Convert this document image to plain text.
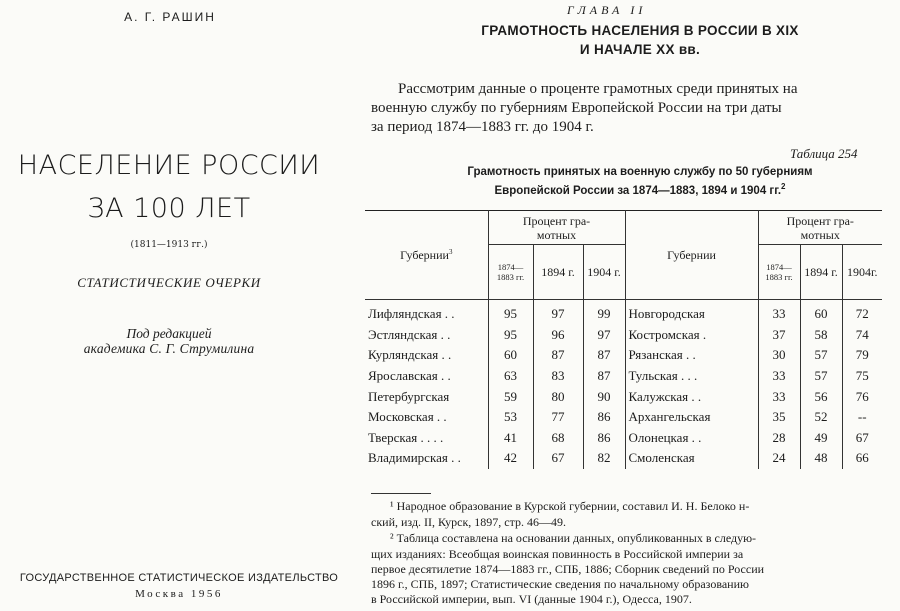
А. Г. РАШИН
НАСЕЛЕНИЕ РОССИИ
ЗА 100 ЛЕТ
(1811—1913 гг.)
СТАТИСТИЧЕСКИЕ ОЧЕРКИ
Под редакцией
академика С. Г. Струмилина
ГОСУДАРСТВЕННОЕ СТАТИСТИЧЕСКОЕ ИЗДАТЕЛЬСТВО
Москва 1956
ГЛАВА II
ГРАМОТНОСТЬ НАСЕЛЕНИЯ В РОССИИ В XIX
И НАЧАЛЕ XX вв.
Рассмотрим данные о проценте грамотных среди принятых на
военную службу по губерниям Европейской России на три даты
за период 1874—1883 гг. до 1904 г.
Таблица 254
Грамотность принятых на военную службу по 50 губерниям
Европейской России за 1874—1883, 1894 и 1904 гг.$^2$
Губернии$^3$	Процент гра-
мотных			Губернии	Процент гра-
мотных		
	1874—
1883 гг.	1894 г.	1904 г.		1874—
1883 гг.	1894 г.	1904г.
Лифляндская . .	95	97	99	Новгородская	33	60	72
Эстляндская . .	95	96	97	Костромская .	37	58	74
Курляндская . .	60	87	87	Рязанская . .	30	57	79
Ярославская . .	63	83	87	Тульская . . .	33	57	75
Петербургская	59	80	90	Калужская . .	33	56	76
Московская . .	53	77	86	Архангельская	35	52	--
Тверская . . . .	41	68	86	Олонецкая . .	28	49	67
Владимирская . .	42	67	82	Смоленская	24	48	66
¹ Народное образование в Курской губернии, составил И. Н. Белоко н-
ский, изд. II, Курск, 1897, стр. 46—49.
² Таблица составлена на основании данных, опубликованных в следую-
щих изданиях: Всеобщая воинская повинность в Российской империи за
первое десятилетие 1874—1883 гг., СПБ, 1886; Сборник сведений по России
1896 г., СПБ, 1897; Статистические сведения по начальному образованию
в Российской империи, вып. VI (данные 1904 г.), Одесса, 1907.
